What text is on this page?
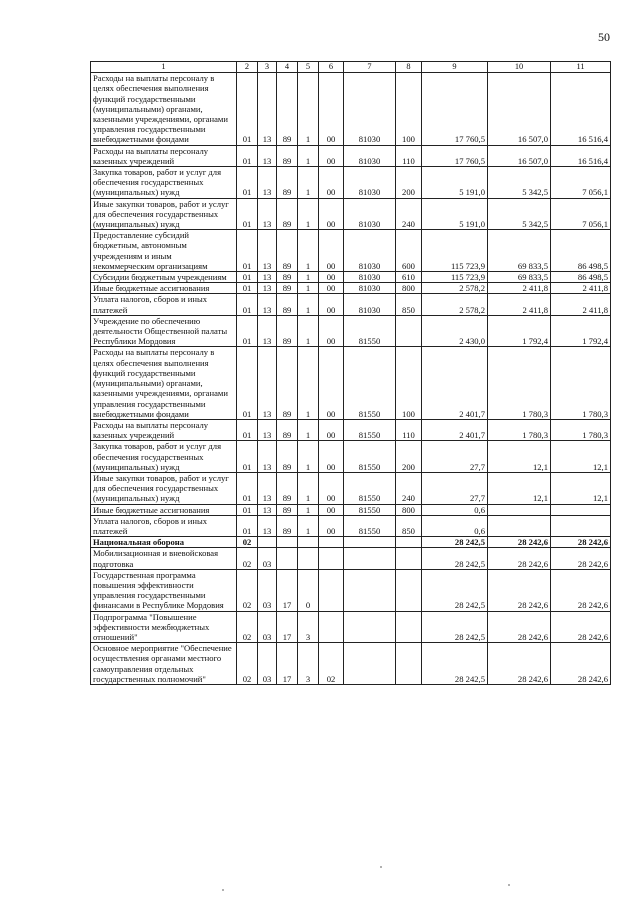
50
1	2	3	4	5	6	7	8	9	10	11

Расходы на выплаты персоналу в целях обеспечения выполнения функций государственными (муниципальными) органами, казенными учреждениями, органами управления государственными внебюджетными фондами	01	13	89	1	00	81030	100	17 760,5	16 507,0	16 516,4

Расходы на выплаты персоналу казенных учреждений	01	13	89	1	00	81030	110	17 760,5	16 507,0	16 516,4

Закупка товаров, работ и услуг для обеспечения государственных (муниципальных) нужд	01	13	89	1	00	81030	200	5 191,0	5 342,5	7 056,1

Иные закупки товаров, работ и услуг для обеспечения государственных (муниципальных) нужд	01	13	89	1	00	81030	240	5 191,0	5 342,5	7 056,1

Предоставление субсидий бюджетным, автономным учреждениям и иным некоммерческим организациям	01	13	89	1	00	81030	600	115 723,9	69 833,5	86 498,5

Субсидии бюджетным учреждениям	01	13	89	1	00	81030	610	115 723,9	69 833,5	86 498,5

Иные бюджетные ассигнования	01	13	89	1	00	81030	800	2 578,2	2 411,8	2 411,8

Уплата налогов, сборов и иных платежей	01	13	89	1	00	81030	850	2 578,2	2 411,8	2 411,8

Учреждение по обеспечению деятельности Общественной палаты Республики Мордовия	01	13	89	1	00	81550		2 430,0	1 792,4	1 792,4

Расходы на выплаты персоналу в целях обеспечения выполнения функций государственными (муниципальными) органами, казенными учреждениями, органами управления государственными внебюджетными фондами	01	13	89	1	00	81550	100	2 401,7	1 780,3	1 780,3

Расходы на выплаты персоналу казенных учреждений	01	13	89	1	00	81550	110	2 401,7	1 780,3	1 780,3

Закупка товаров, работ и услуг для обеспечения государственных (муниципальных) нужд	01	13	89	1	00	81550	200	27,7	12,1	12,1

Иные закупки товаров, работ и услуг для обеспечения государственных (муниципальных) нужд	01	13	89	1	00	81550	240	27,7	12,1	12,1

Иные бюджетные ассигнования	01	13	89	1	00	81550	800	0,6		

Уплата налогов, сборов и иных платежей	01	13	89	1	00	81550	850	0,6		

Национальная оборона	02							28 242,5	28 242,6	28 242,6

Мобилизационная и вневойсковая подготовка	02	03						28 242,5	28 242,6	28 242,6

Государственная программа повышения эффективности управления государственными финансами в Республике Мордовия	02	03	17	0				28 242,5	28 242,6	28 242,6

Подпрограмма "Повышение эффективности межбюджетных отношений"	02	03	17	3				28 242,5	28 242,6	28 242,6

Основное мероприятие "Обеспечение осуществления органами местного самоуправления отдельных государственных полномочий"	02	03	17	3	02			28 242,5	28 242,6	28 242,6
